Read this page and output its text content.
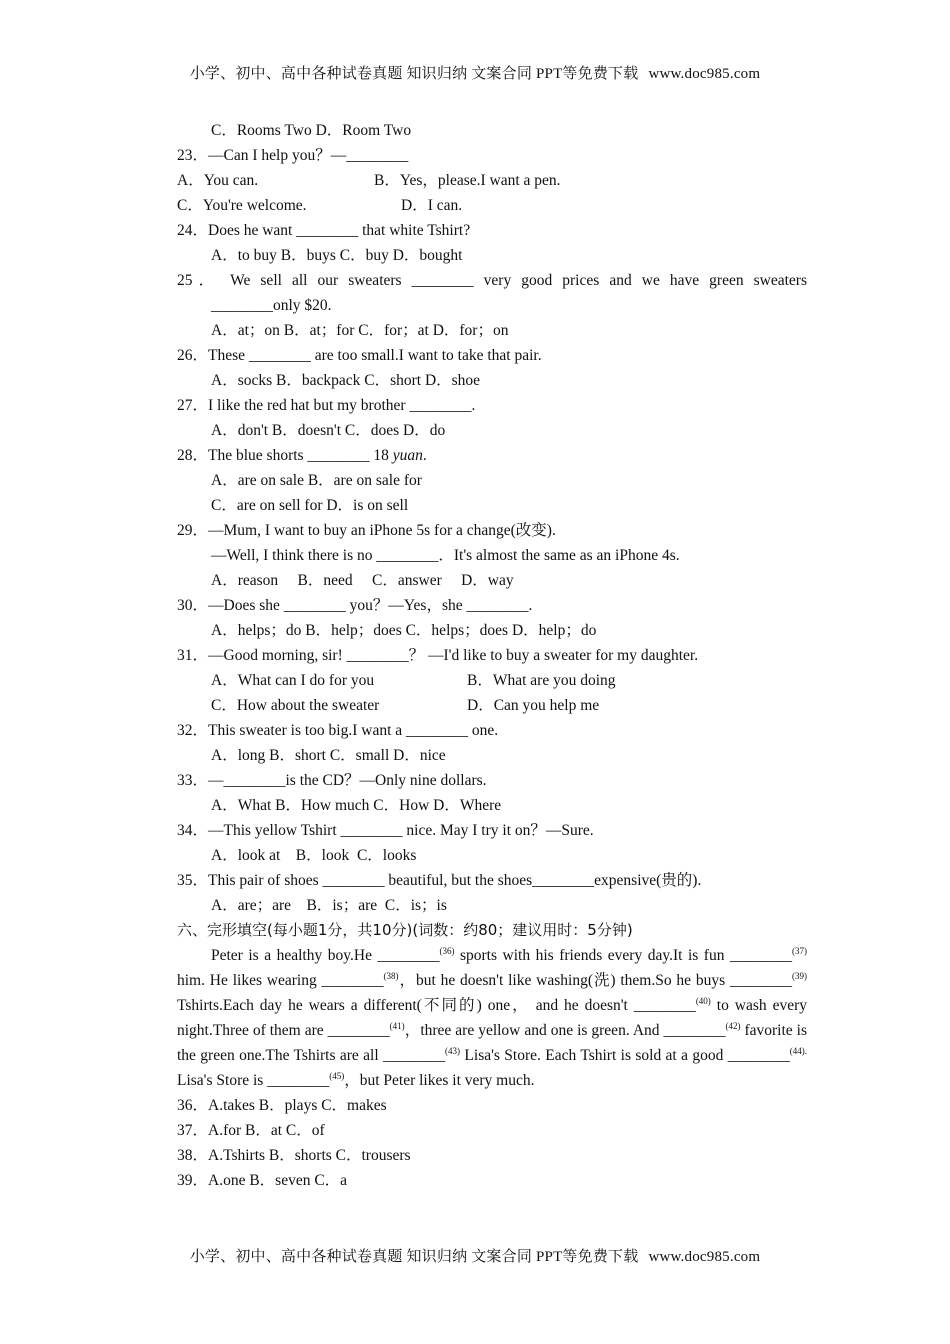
小学、初中、高中各种试卷真题 知识归纳 文案合同 PPT等免费下载 www.doc985.com
C．Rooms Two D．Room Two
23．—Can I help you？—________
A．You can.	B．Yes，please.I want a pen.
C．You're welcome.	D．I can.
24．Does he want ________ that white Tshirt?
A．to buy B．buys C．buy D．bought
25． We sell all our sweaters ________ very good prices and we have green sweaters
________only $20.
A．at；on B．at；for C．for；at D．for；on
26．These ________ are too small.I want to take that pair.
A．socks B．backpack C．short D．shoe
27．I like the red hat but my brother ________.
A．don't B．doesn't C．does D．do
28．The blue shorts ________ 18 yuan.
A．are on sale B．are on sale for
C．are on sell for D．is on sell
29．—Mum, I want to buy an iPhone 5s for a change(改变).
—Well, I think there is no ________．It's almost the same as an iPhone 4s.
A．reason     B．need     C．answer     D．way
30．—Does she ________ you？—Yes，she ________.
A．helps；do B．help；does C．helps；does D．help；do
31．—Good morning, sir! ________？ —I'd like to buy a sweater for my daughter.
A．What can I do for you	B．What are you doing
C．How about the sweater	D．Can you help me
32．This sweater is too big.I want a ________ one.
A．long B．short C．small D．nice
33．—________is the CD？—Only nine dollars.
A．What B．How much C．How D．Where
34．—This yellow Tshirt ________ nice. May I try it on？—Sure.
A．look at    B．look  C．looks
35．This pair of shoes ________ beautiful, but the shoes________expensive(贵的).
A．are；are    B．is；are  C．is；is
六、完形填空(每小题1分，共10分)(词数：约80；建议用时：5分钟)
Peter is a healthy boy.He ________$^{(36)}$ sports with his friends every day.It is fun ________$^{(37)}$ him. He likes wearing ________$^{(38)}$，but he doesn't like washing(洗) them.So he buys ________$^{(39)}$ Tshirts.Each day he wears a different(不同的) one， and he doesn't ________$^{(40)}$ to wash every night.Three of them are ________$^{(41)}$，three are yellow and one is green. And ________$^{(42)}$ favorite is the green one.The Tshirts are all ________$^{(43)}$ Lisa's Store. Each Tshirt is sold at a good ________$^{(44).}$ Lisa's Store is ________$^{(45)}$，but Peter likes it very much.
36．A.takes B．plays C．makes
37．A.for B．at C．of
38．A.Tshirts B．shorts C．trousers
39．A.one B．seven C．a
小学、初中、高中各种试卷真题 知识归纳 文案合同 PPT等免费下载 www.doc985.com
